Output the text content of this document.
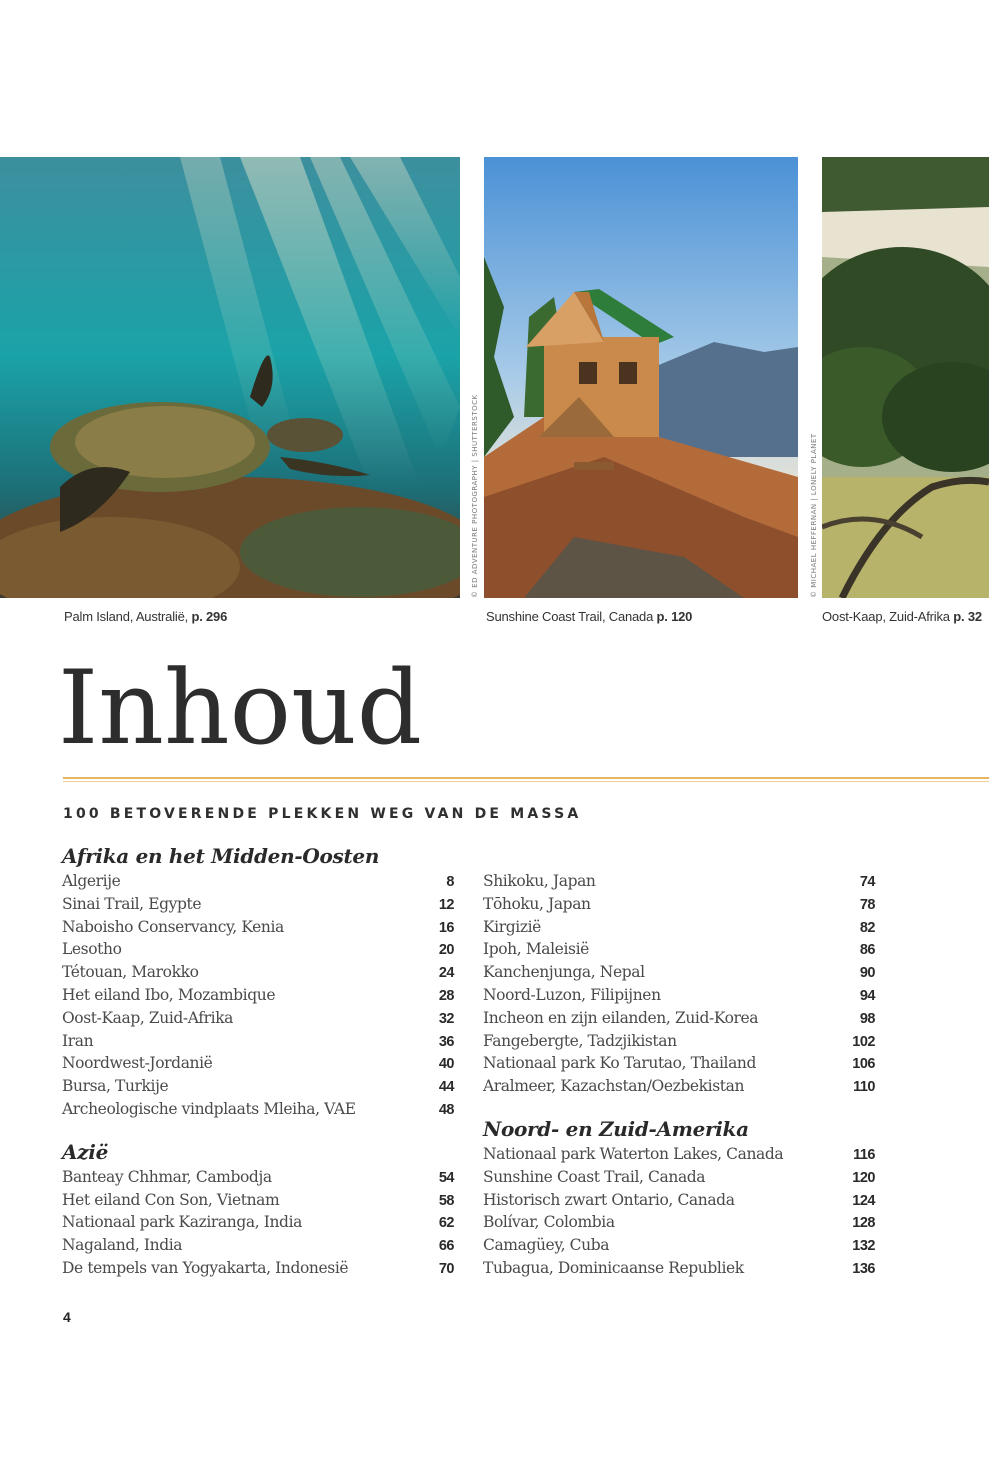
© ED ADVENTURE PHOTOGRAPHY | SHUTTERSTOCK	© MICHAEL HEFFERNAN | LONELY PLANET
Palm Island, Australië, p. 296	Sunshine Coast Trail, Canada p. 120	Oost-Kaap, Zuid-Afrika p. 32
Inhoud
100 BETOVERENDE PLEKKEN WEG VAN DE MASSA
Afrika en het Midden-Oosten
Algerije	8
Sinai Trail, Egypte	12
Naboisho Conservancy, Kenia	16
Lesotho	20
Tétouan, Marokko	24
Het eiland Ibo, Mozambique	28
Oost-Kaap, Zuid-Afrika	32
Iran	36
Noordwest-Jordanië	40
Bursa, Turkije	44
Archeologische vindplaats Mleiha, VAE	48
Azië
Banteay Chhmar, Cambodja	54
Het eiland Con Son, Vietnam	58
Nationaal park Kaziranga, India	62
Nagaland, India	66
De tempels van Yogyakarta, Indonesië	70
Shikoku, Japan	74
Tōhoku, Japan	78
Kirgizië	82
Ipoh, Maleisië	86
Kanchenjunga, Nepal	90
Noord-Luzon, Filipijnen	94
Incheon en zijn eilanden, Zuid-Korea	98
Fangebergte, Tadzjikistan	102
Nationaal park Ko Tarutao, Thailand	106
Aralmeer, Kazachstan/Oezbekistan	110
Noord- en Zuid-Amerika
Nationaal park Waterton Lakes, Canada	116
Sunshine Coast Trail, Canada	120
Historisch zwart Ontario, Canada	124
Bolívar, Colombia	128
Camagüey, Cuba	132
Tubagua, Dominicaanse Republiek	136
4
